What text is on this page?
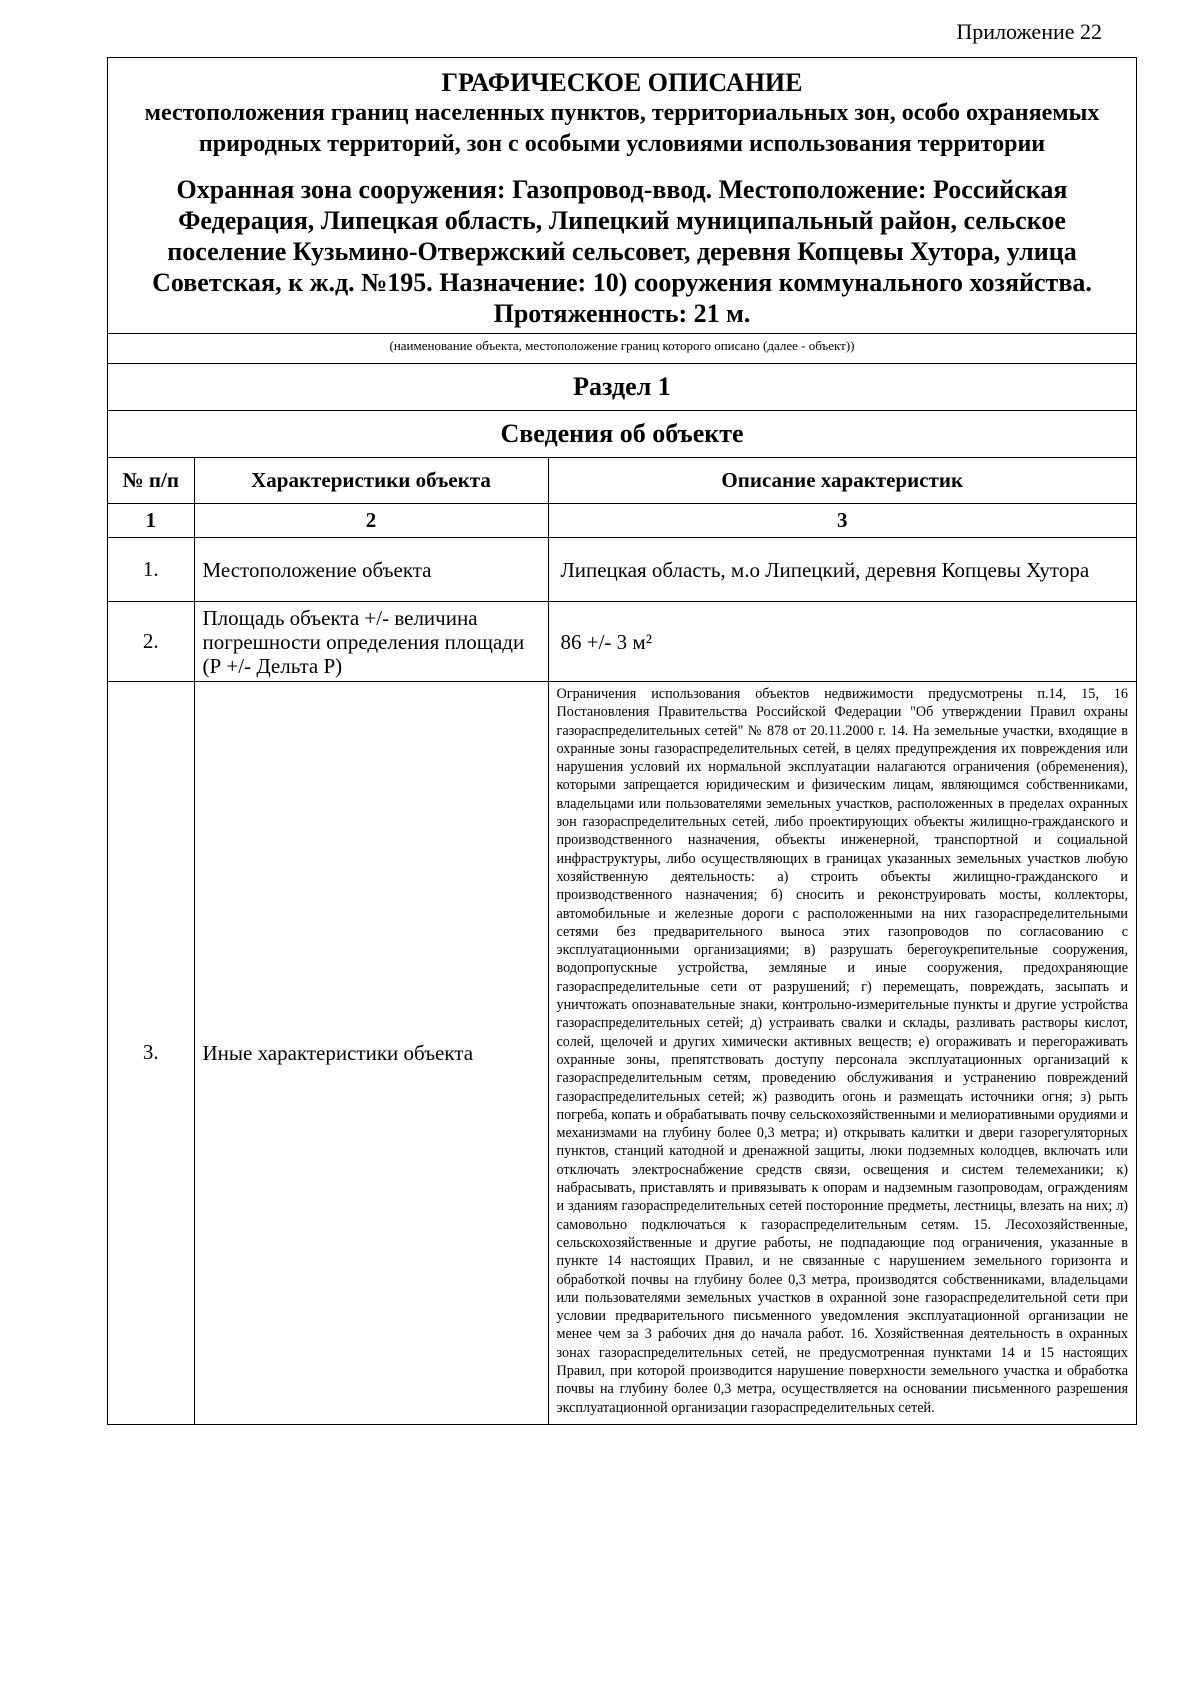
Приложение 22
ГРАФИЧЕСКОЕ ОПИСАНИЕ
местоположения границ населенных пунктов, территориальных зон, особо охраняемых природных территорий, зон с особыми условиями использования территории
Охранная зона сооружения: Газопровод-ввод. Местоположение: Российская Федерация, Липецкая область, Липецкий муниципальный район, сельское поселение Кузьмино-Отвержский сельсовет, деревня Копцевы Хутора, улица Советская, к ж.д. №195. Назначение: 10) сооружения коммунального хозяйства. Протяженность: 21 м.
(наименование объекта, местоположение границ которого описано (далее - объект))
Раздел 1
Сведения об объекте
№ п/п	Характеристики объекта	Описание характеристик
1	2	3
1.	Местоположение объекта	Липецкая область, м.о Липецкий, деревня Копцевы Хутора
2.	Площадь объекта +/- величина погрешности определения площади (Р +/- Дельта Р)	86 +/- 3 м²
3.	Иные характеристики объекта	Ограничения использования объектов недвижимости предусмотрены п.14, 15, 16 Постановления Правительства Российской Федерации "Об утверждении Правил охраны газораспределительных сетей" № 878 от 20.11.2000 г. 14. На земельные участки, входящие в охранные зоны газораспределительных сетей, в целях предупреждения их повреждения или нарушения условий их нормальной эксплуатации налагаются ограничения (обременения), которыми запрещается юридическим и физическим лицам, являющимся собственниками, владельцами или пользователями земельных участков, расположенных в пределах охранных зон газораспределительных сетей, либо проектирующих объекты жилищно-гражданского и производственного назначения, объекты инженерной, транспортной и социальной инфраструктуры, либо осуществляющих в границах указанных земельных участков любую хозяйственную деятельность: а) строить объекты жилищно-гражданского и производственного назначения; б) сносить и реконструировать мосты, коллекторы, автомобильные и железные дороги с расположенными на них газораспределительными сетями без предварительного выноса этих газопроводов по согласованию с эксплуатационными организациями; в) разрушать берегоукрепительные сооружения, водопропускные устройства, земляные и иные сооружения, предохраняющие газораспределительные сети от разрушений; г) перемещать, повреждать, засыпать и уничтожать опознавательные знаки, контрольно-измерительные пункты и другие устройства газораспределительных сетей; д) устраивать свалки и склады, разливать растворы кислот, солей, щелочей и других химически активных веществ; е) огораживать и перегораживать охранные зоны, препятствовать доступу персонала эксплуатационных организаций к газораспределительным сетям, проведению обслуживания и устранению повреждений газораспределительных сетей; ж) разводить огонь и размещать источники огня; з) рыть погреба, копать и обрабатывать почву сельскохозяйственными и мелиоративными орудиями и механизмами на глубину более 0,3 метра; и) открывать калитки и двери газорегуляторных пунктов, станций катодной и дренажной защиты, люки подземных колодцев, включать или отключать электроснабжение средств связи, освещения и систем телемеханики; к) набрасывать, приставлять и привязывать к опорам и надземным газопроводам, ограждениям и зданиям газораспределительных сетей посторонние предметы, лестницы, влезать на них; л) самовольно подключаться к газораспределительным сетям. 15. Лесохозяйственные, сельскохозяйственные и другие работы, не подпадающие под ограничения, указанные в пункте 14 настоящих Правил, и не связанные с нарушением земельного горизонта и обработкой почвы на глубину более 0,3 метра, производятся собственниками, владельцами или пользователями земельных участков в охранной зоне газораспределительной сети при условии предварительного письменного уведомления эксплуатационной организации не менее чем за 3 рабочих дня до начала работ. 16. Хозяйственная деятельность в охранных зонах газораспределительных сетей, не предусмотренная пунктами 14 и 15 настоящих Правил, при которой производится нарушение поверхности земельного участка и обработка почвы на глубину более 0,3 метра, осуществляется на основании письменного разрешения эксплуатационной организации газораспределительных сетей.
